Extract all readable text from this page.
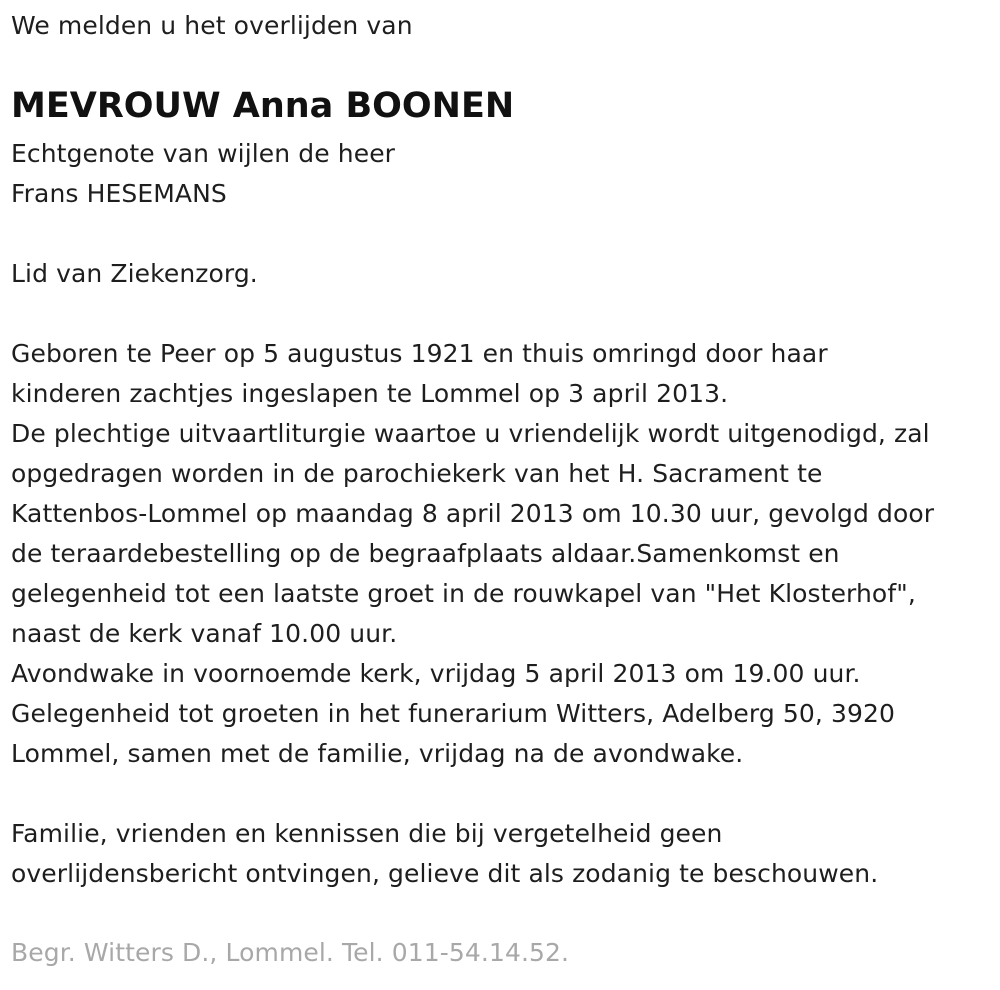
We melden u het overlijden van
MEVROUW Anna BOONEN
Echtgenote van wijlen de heer
Frans HESEMANS
Lid van Ziekenzorg.
Geboren te Peer op 5 augustus 1921 en thuis omringd door haar
kinderen zachtjes ingeslapen te Lommel op 3 april 2013.
De plechtige uitvaartliturgie waartoe u vriendelijk wordt uitgenodigd, zal
opgedragen worden in de parochiekerk van het H. Sacrament te
Kattenbos-Lommel op maandag 8 april 2013 om 10.30 uur, gevolgd door
de teraardebestelling op de begraafplaats aldaar.Samenkomst en
gelegenheid tot een laatste groet in de rouwkapel van "Het Klosterhof",
naast de kerk vanaf 10.00 uur.
Avondwake in voornoemde kerk, vrijdag 5 april 2013 om 19.00 uur.
Gelegenheid tot groeten in het funerarium Witters, Adelberg 50, 3920
Lommel, samen met de familie, vrijdag na de avondwake.
Familie, vrienden en kennissen die bij vergetelheid geen
overlijdensbericht ontvingen, gelieve dit als zodanig te beschouwen.
Begr. Witters D., Lommel. Tel. 011-54.14.52.
